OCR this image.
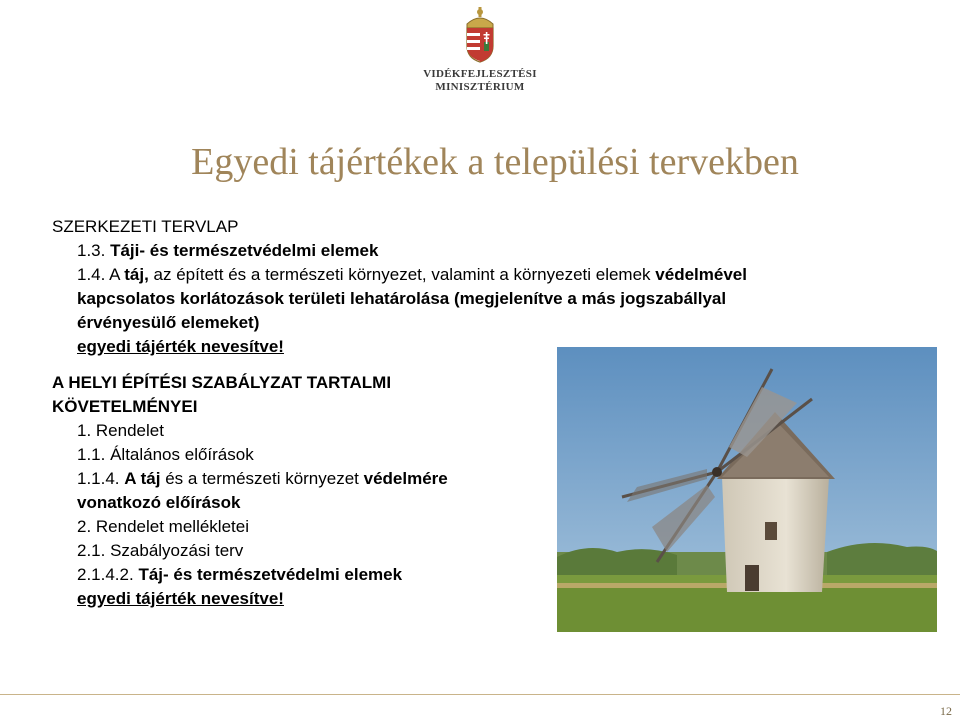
VIDÉKFEJLESZTÉSI
MINISZTÉRIUM
Egyedi tájértékek a települési tervekben
SZERKEZETI TERVLAP
1.3. Táji- és természetvédelmi elemek
1.4. A táj, az épített és a természeti környezet, valamint a környezeti elemek védelmével
kapcsolatos korlátozások területi lehatárolása (megjelenítve a más jogszabállyal
érvényesülő elemeket)
egyedi tájérték nevesítve!
A HELYI ÉPÍTÉSI SZABÁLYZAT TARTALMI
KÖVETELMÉNYEI
1. Rendelet
1.1. Általános előírások
1.1.4. A táj és a természeti környezet védelmére
vonatkozó előírások
2. Rendelet mellékletei
2.1. Szabályozási terv
2.1.4.2. Táj- és természetvédelmi elemek
egyedi tájérték nevesítve!
12
